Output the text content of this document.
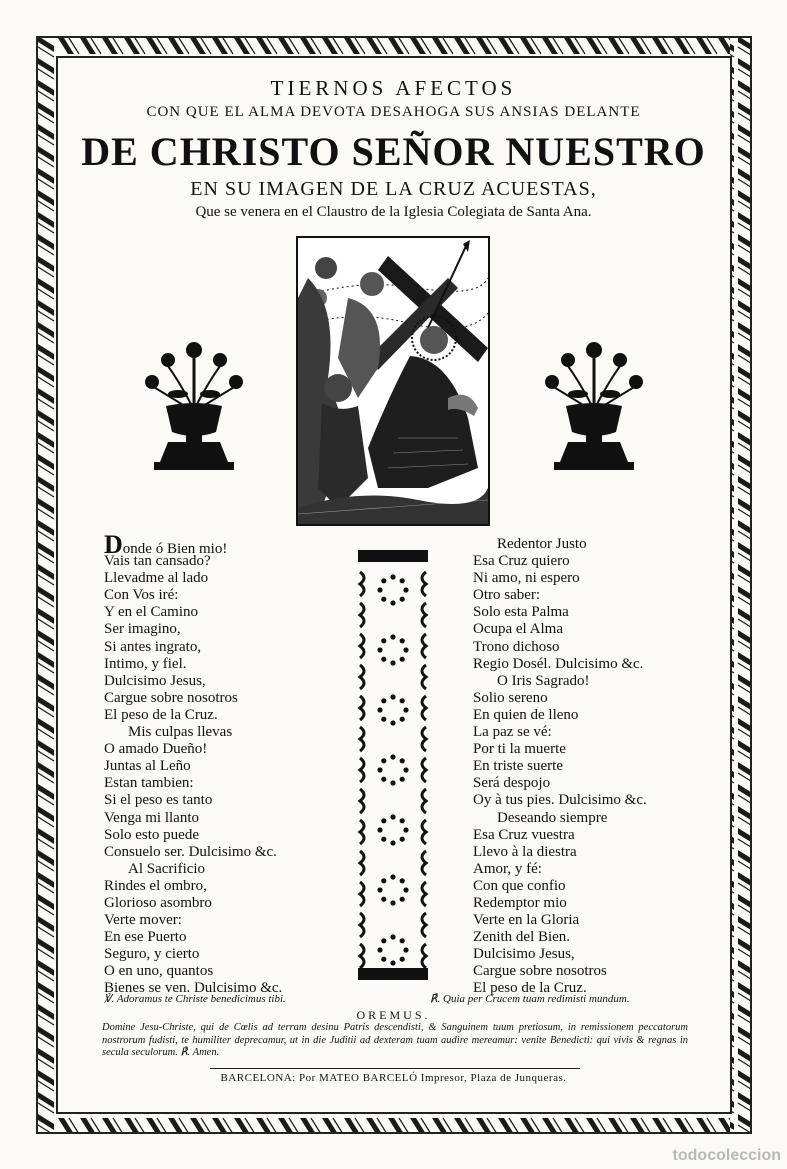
TIERNOS AFECTOS
CON QUE EL ALMA DEVOTA DESAHOGA SUS ANSIAS DELANTE
DE CHRISTO SEÑOR NUESTRO
EN SU IMAGEN DE LA CRUZ ACUESTAS,
Que se venera en el Claustro de la Iglesia Colegiata de Santa Ana.
Donde ó Bien mio!
Vais tan cansado?
Llevadme al lado
Con Vos iré:
Y en el Camino
Ser imagino,
Si antes ingrato,
Intimo, y fiel.
Dulcisimo Jesus,
Cargue sobre nosotros
El peso de la Cruz.
Mis culpas llevas
O amado Dueño!
Juntas al Leño
Estan tambien:
Si el peso es tanto
Venga mi llanto
Solo esto puede
Consuelo ser. Dulcisimo &c.
Al Sacrificio
Rindes el ombro,
Glorioso asombro
Verte mover:
En ese Puerto
Seguro, y cierto
O en uno, quantos
Bienes se ven. Dulcisimo &c.
Redentor Justo
Esa Cruz quiero
Ni amo, ni espero
Otro saber:
Solo esta Palma
Ocupa el Alma
Trono dichoso
Regio Dosél. Dulcisimo &c.
O Iris Sagrado!
Solio sereno
En quien de lleno
La paz se vé:
Por ti la muerte
En triste suerte
Será despojo
Oy à tus pies. Dulcisimo &c.
Deseando siempre
Esa Cruz vuestra
Llevo à la diestra
Amor, y fé:
Con que confio
Redemptor mio
Verte en la Gloria
Zenith del Bien.
Dulcisimo Jesus,
Cargue sobre nosotros
El peso de la Cruz.
℣. Adoramus te Christe benedicimus tibi.	℟. Quia per Crucem tuam redimisti mundum.
OREMUS.
Domine Jesu-Christe, qui de Cœlis ad terram desinu Patris descendisti, & Sanguinem tuum pretiosum, in remissionem peccatorum nostrorum fudisti, te humiliter deprecamur, ut in die Juditii ad dexteram tuam audire mereamur: venite Benedicti: qui vivis & regnas in secula seculorum. ℟. Amen.
BARCELONA: Por MATEO BARCELÓ Impresor, Plaza de Junqueras.
todocoleccion
